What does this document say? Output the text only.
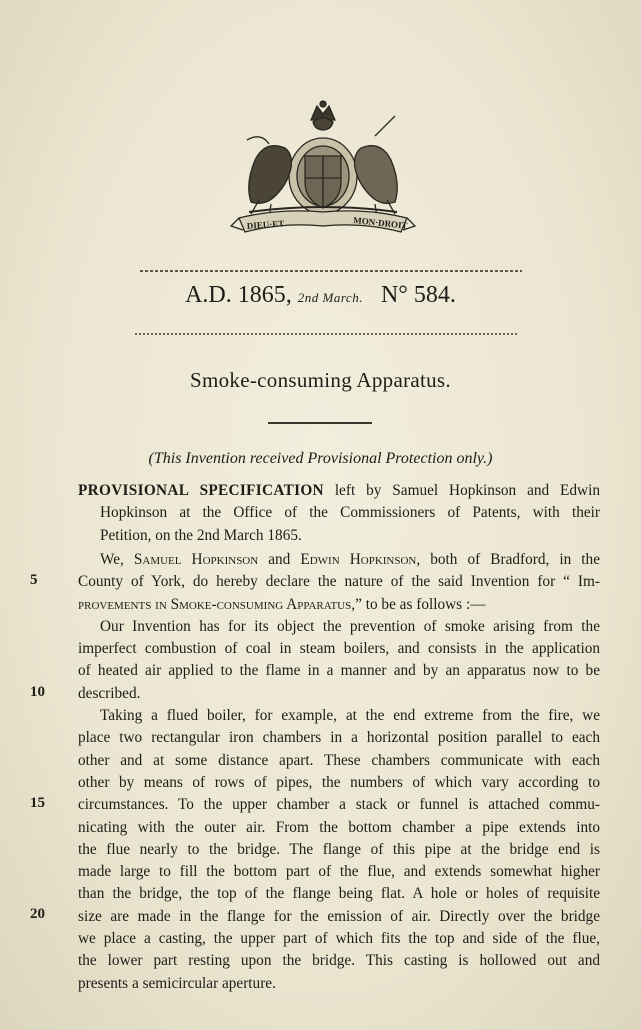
DIEU·ET	MON·DROIT
A.D. 1865, 2nd March. N° 584.
Smoke-consuming Apparatus.
(This Invention received Provisional Protection only.)
PROVISIONAL SPECIFICATION left by Samuel Hopkinson and Edwin
Hopkinson at the Office of the Commissioners of Patents, with their
Petition, on the 2nd March 1865.
We, Samuel Hopkinson and Edwin Hopkinson, both of Bradford, in the
County of York, do hereby declare the nature of the said Invention for “ Im-
provements in Smoke-consuming Apparatus,” to be as follows :—
Our Invention has for its object the prevention of smoke arising from the
imperfect combustion of coal in steam boilers, and consists in the application
of heated air applied to the flame in a manner and by an apparatus now to be
described.
Taking a flued boiler, for example, at the end extreme from the fire, we
place two rectangular iron chambers in a horizontal position parallel to each
other and at some distance apart. These chambers communicate with each
other by means of rows of pipes, the numbers of which vary according to
circumstances. To the upper chamber a stack or funnel is attached commu-
nicating with the outer air. From the bottom chamber a pipe extends into
the flue nearly to the bridge. The flange of this pipe at the bridge end is
made large to fill the bottom part of the flue, and extends somewhat higher
than the bridge, the top of the flange being flat. A hole or holes of requisite
size are made in the flange for the emission of air. Directly over the bridge
we place a casting, the upper part of which fits the top and side of the flue,
the lower part resting upon the bridge. This casting is hollowed out and
presents a semicircular aperture.
5
10
15
20
